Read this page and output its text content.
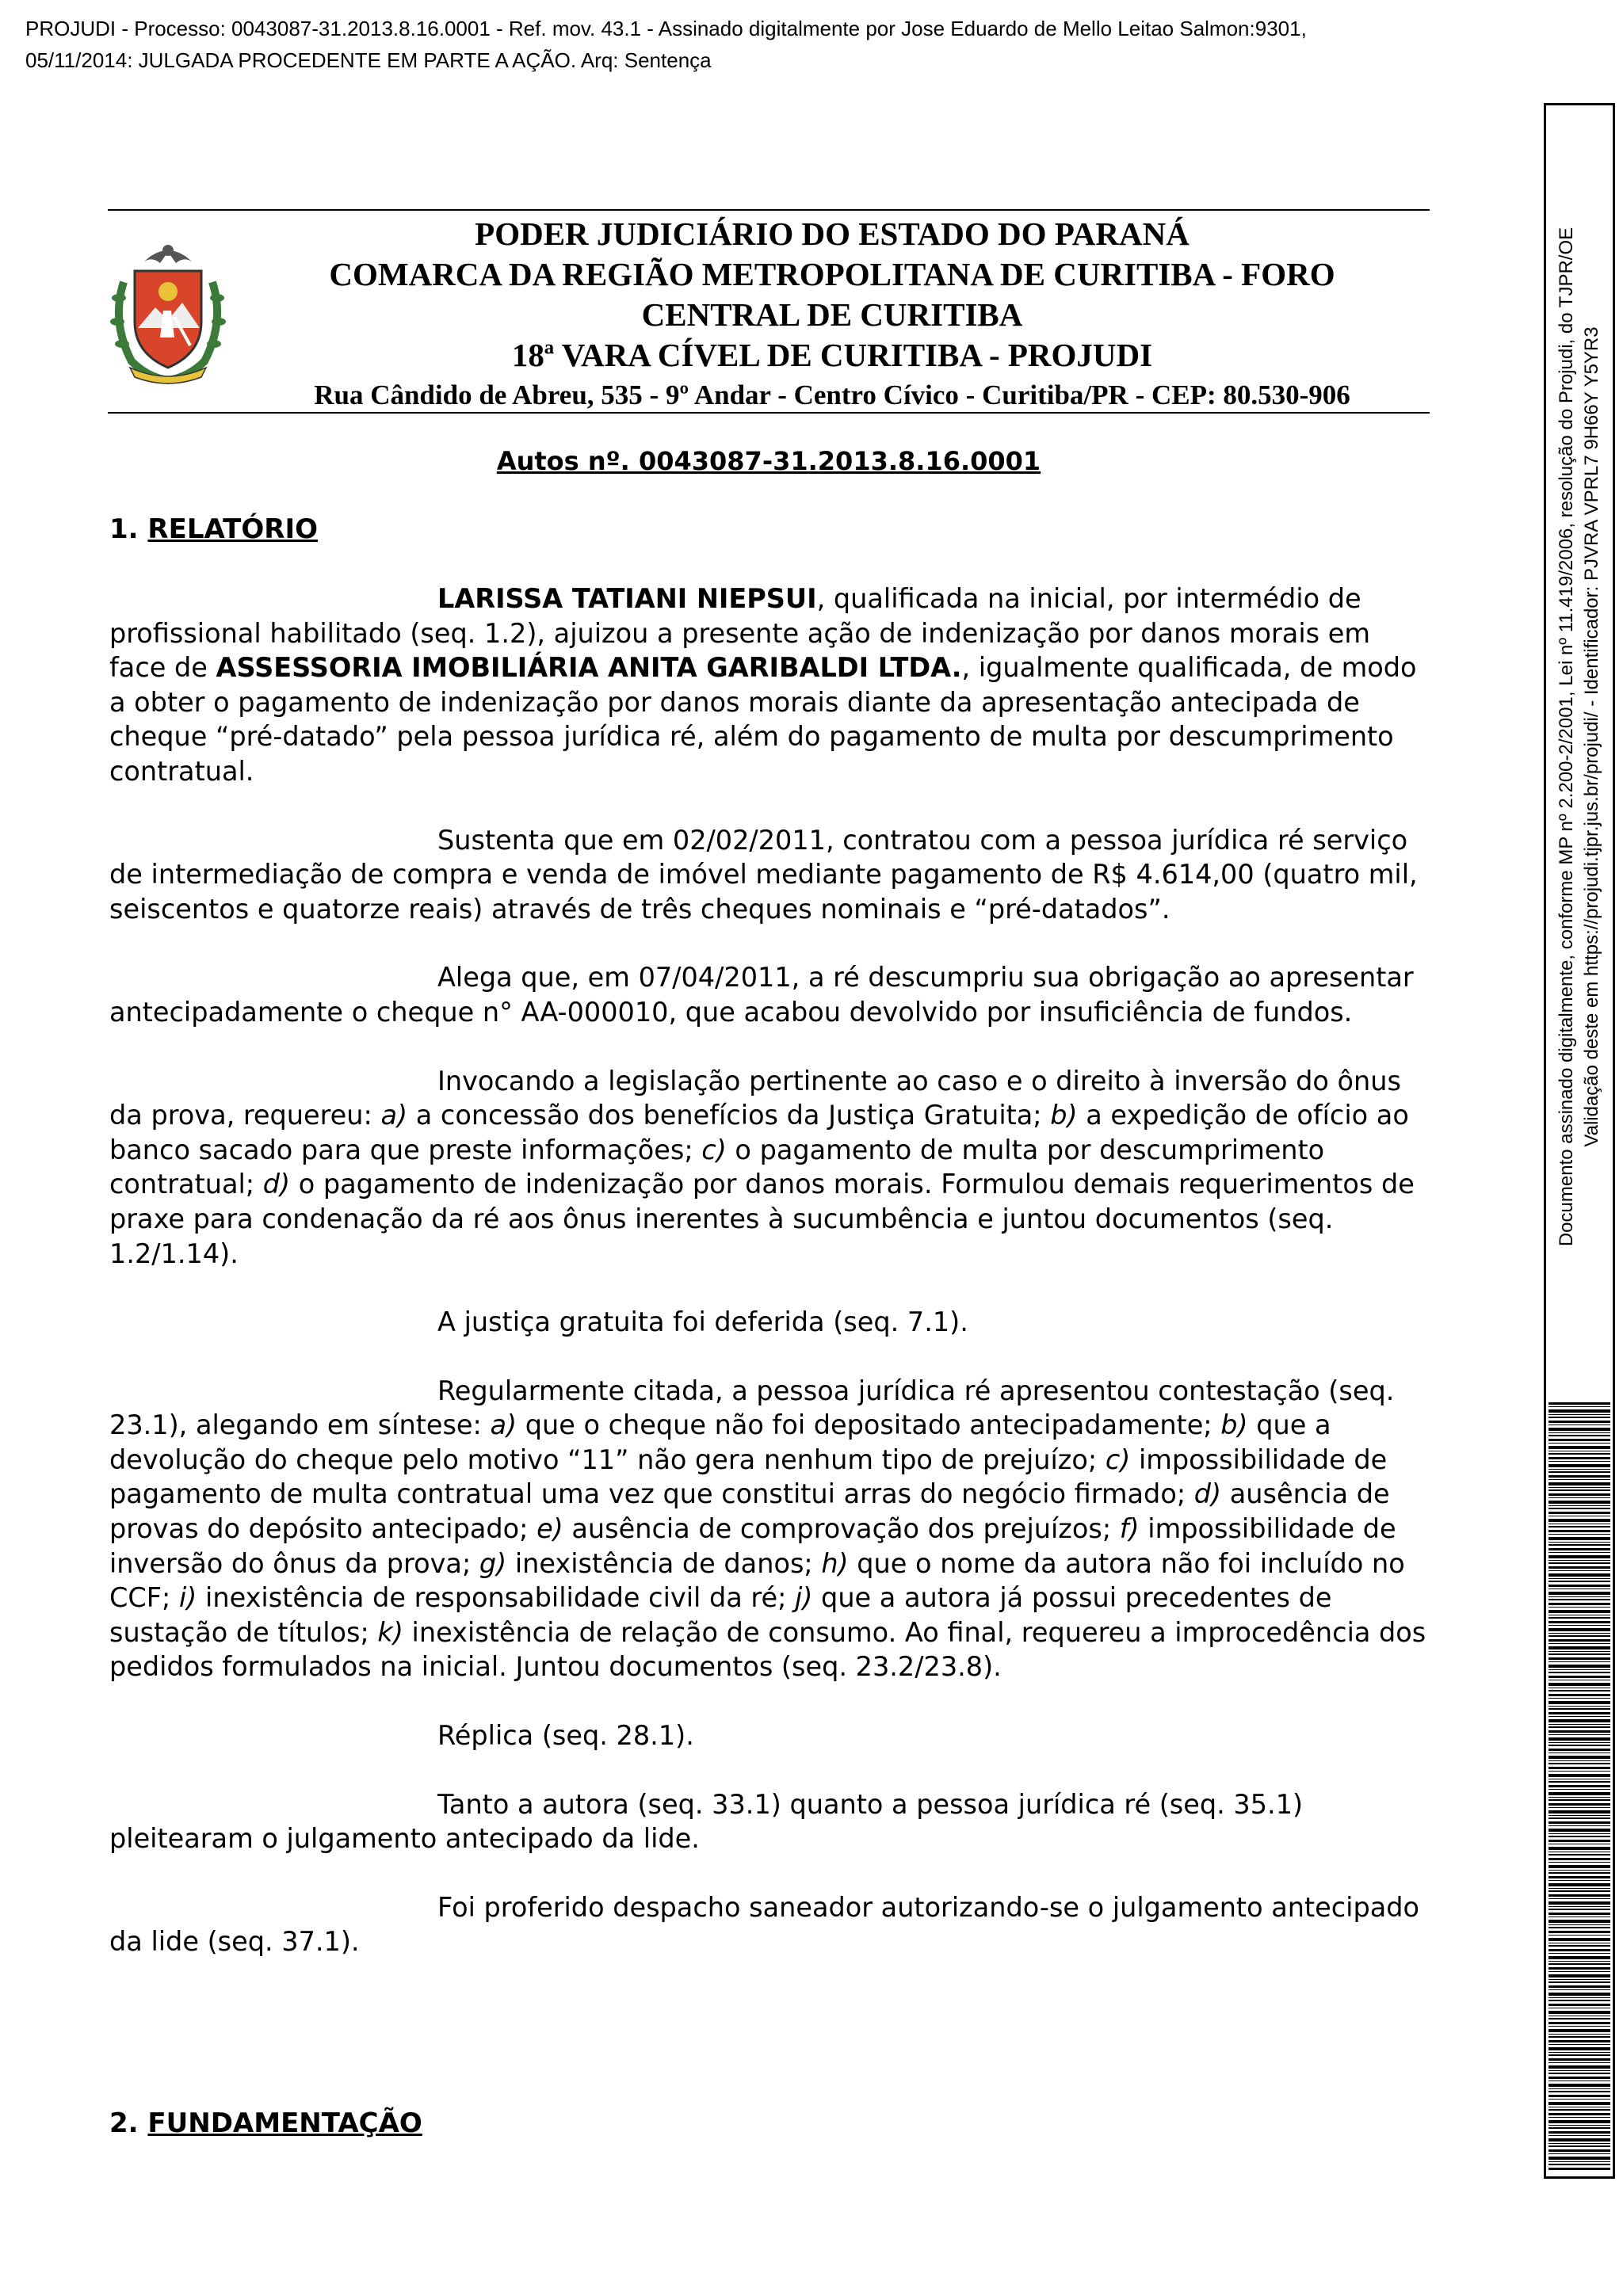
PROJUDI - Processo: 0043087-31.2013.8.16.0001 - Ref. mov. 43.1 - Assinado digitalmente por Jose Eduardo de Mello Leitao Salmon:9301,
05/11/2014: JULGADA PROCEDENTE EM PARTE A AÇÃO. Arq: Sentença
PODER JUDICIÁRIO DO ESTADO DO PARANÁ
COMARCA DA REGIÃO METROPOLITANA DE CURITIBA - FORO
CENTRAL DE CURITIBA
18ª VARA CÍVEL DE CURITIBA - PROJUDI
Rua Cândido de Abreu, 535 - 9º Andar - Centro Cívico - Curitiba/PR - CEP: 80.530-906
Autos nº. 0043087-31.2013.8.16.0001
1. RELATÓRIO

LARISSA TATIANI NIEPSUI, qualificada na inicial, por intermédio de profissional habilitado (seq. 1.2), ajuizou a presente ação de indenização por danos morais em face de ASSESSORIA IMOBILIÁRIA ANITA GARIBALDI LTDA., igualmente qualificada, de modo a obter o pagamento de indenização por danos morais diante da apresentação antecipada de cheque “pré-datado” pela pessoa jurídica ré, além do pagamento de multa por descumprimento contratual.

Sustenta que em 02/02/2011, contratou com a pessoa jurídica ré serviço de intermediação de compra e venda de imóvel mediante pagamento de R$ 4.614,00 (quatro mil, seiscentos e quatorze reais) através de três cheques nominais e “pré-datados”.

Alega que, em 07/04/2011, a ré descumpriu sua obrigação ao apresentar antecipadamente o cheque n° AA-000010, que acabou devolvido por insuficiência de fundos.

Invocando a legislação pertinente ao caso e o direito à inversão do ônus da prova, requereu: a) a concessão dos benefícios da Justiça Gratuita; b) a expedição de ofício ao banco sacado para que preste informações; c) o pagamento de multa por descumprimento contratual; d) o pagamento de indenização por danos morais. Formulou demais requerimentos de praxe para condenação da ré aos ônus inerentes à sucumbência e juntou documentos (seq. 1.2/1.14).

A justiça gratuita foi deferida (seq. 7.1).

Regularmente citada, a pessoa jurídica ré apresentou contestação (seq. 23.1), alegando em síntese: a) que o cheque não foi depositado antecipadamente; b) que a devolução do cheque pelo motivo “11” não gera nenhum tipo de prejuízo; c) impossibilidade de pagamento de multa contratual uma vez que constitui arras do negócio firmado; d) ausência de provas do depósito antecipado; e) ausência de comprovação dos prejuízos; f) impossibilidade de inversão do ônus da prova; g) inexistência de danos; h) que o nome da autora não foi incluído no CCF; i) inexistência de responsabilidade civil da ré; j) que a autora já possui precedentes de sustação de títulos; k) inexistência de relação de consumo. Ao final, requereu a improcedência dos pedidos formulados na inicial. Juntou documentos (seq. 23.2/23.8).

Réplica (seq. 28.1).

Tanto a autora (seq. 33.1) quanto a pessoa jurídica ré (seq. 35.1) pleitearam o julgamento antecipado da lide.

Foi proferido despacho saneador autorizando-se o julgamento antecipado da lide (seq. 37.1).

2. FUNDAMENTAÇÃO
Documento assinado digitalmente, conforme MP nº 2.200-2/2001, Lei nº 11.419/2006, resolução do Projudi, do TJPR/OE Validação deste em https://projudi.tjpr.jus.br/projudi/ - Identificador: PJVRA VPRL7 9H66Y Y5YR3
